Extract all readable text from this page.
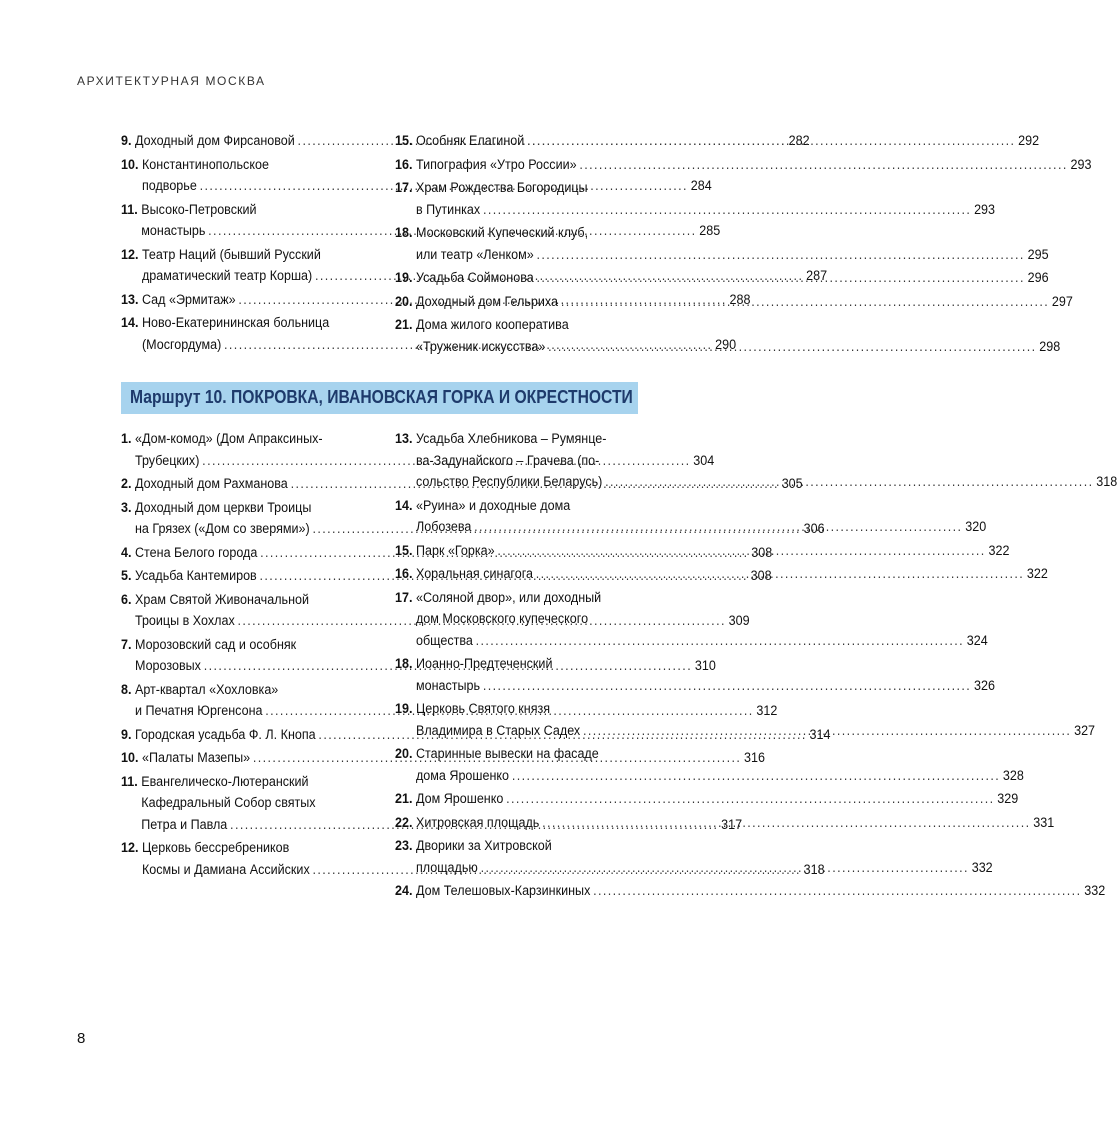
АРХИТЕКТУРНАЯ МОСКВА
9. Доходный дом Фирсановой .....	282
10. Константинопольское
подворье .....	284
11. Высоко-Петровский
монастырь .....	285
12. Театр Наций (бывший Русский
драматический театр Корша) .....	287
13. Сад «Эрмитаж» .....	288
14. Ново-Екатерининская больница
(Мосгордума) .....	290
15. Особняк Елагиной .....	292
16. Типография «Утро России» .....	293
17. Храм Рождества Богородицы
в Путинках .....	293
18. Московский Купеческий клуб,
или театр «Ленком» .....	295
19. Усадьба Соймонова .....	296
20. Доходный дом Гельриха .....	297
21. Дома жилого кооператива
«Труженик искусства» .....	298
Маршрут 10. ПОКРОВКА, ИВАНОВСКАЯ ГОРКА И ОКРЕСТНОСТИ
1. «Дом-комод» (Дом Апраксиных-
Трубецких) .....	304
2. Доходный дом Рахманова .....	305
3. Доходный дом церкви Троицы
на Грязех («Дом со зверями») .....	306
4. Стена Белого города .....	308
5. Усадьба Кантемиров .....	308
6. Храм Святой Живоначальной
Троицы в Хохлах .....	309
7. Морозовский сад и особняк
Морозовых .....	310
8. Арт-квартал «Хохловка»
и Печатня Юргенсона .....	312
9. Городская усадьба Ф. Л. Кнопа .....	314
10. «Палаты Мазепы» .....	316
11. Евангелическо-Лютеранский
Кафедральный Собор святых
Петра и Павла .....	317
12. Церковь бессребреников
Космы и Дамиана Ассийских .....	318
13. Усадьба Хлебникова – Румянце-
ва-Задунайского – Грачева (по-
сольство Республики Беларусь) .....	318
14. «Руина» и доходные дома
Лобозева .....	320
15. Парк «Горка» .....	322
16. Хоральная синагога .....	322
17. «Соляной двор», или доходный
дом Московского купеческого
общества .....	324
18. Иоанно-Предтеченский
монастырь .....	326
19. Церковь Святого князя
Владимира в Старых Садех .....	327
20. Старинные вывески на фасаде
дома Ярошенко .....	328
21. Дом Ярошенко .....	329
22. Хитровская площадь .....	331
23. Дворики за Хитровской
площадью .....	332
24. Дом Телешовых-Карзинкиных .....	332
8
